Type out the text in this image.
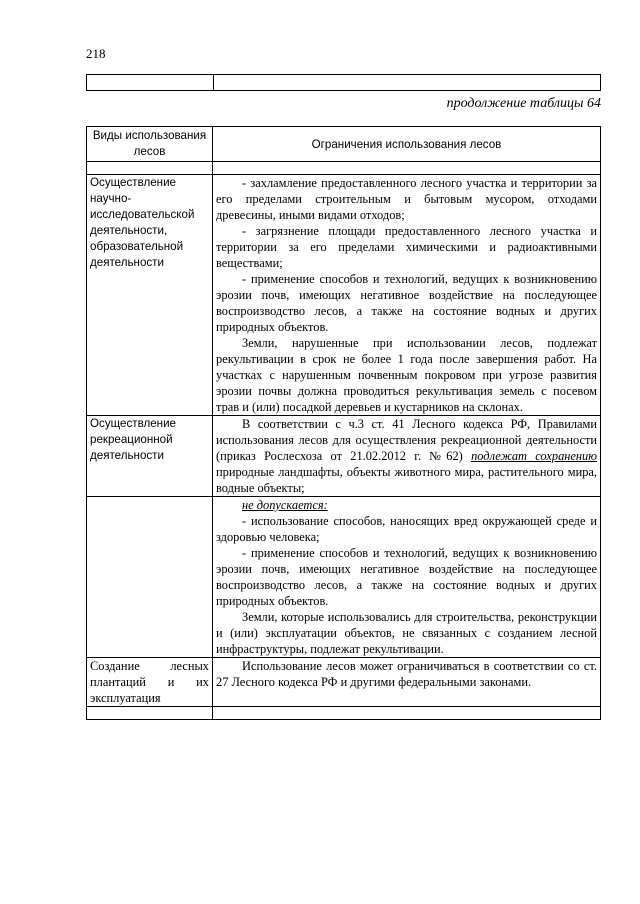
218

продолжение таблицы 64
Виды использования лесов	Ограничения использования лесов

Осуществление научно-исследовательской деятельности, образовательной деятельности	- захламление предоставленного лесного участка и территории за его пределами строительным и бытовым мусором, отходами древесины, иными видами отходов;

- загрязнение площади предоставленного лесного участка и территории за его пределами химическими и радиоактивными веществами;

- применение способов и технологий, ведущих к возникновению эрозии почв, имеющих негативное воздействие на последующее воспроизводство лесов, а также на состояние водных и других природных объектов.

Земли, нарушенные при использовании лесов, подлежат рекультивации в срок не более 1 года после завершения работ. На участках с нарушенным почвенным покровом при угрозе развития эрозии почвы должна проводиться рекультивация земель с посевом трав и (или) посадкой деревьев и кустарников на склонах.

Осуществление рекреационной деятельности	В соответствии с ч.3 ст. 41 Лесного кодекса РФ, Правилами использования лесов для осуществления рекреационной деятельности (приказ Рослесхоза от 21.02.2012 г. №62) подлежат сохранению природные ландшафты, объекты животного мира, растительного мира, водные объекты;

	не допускается:

- использование способов, наносящих вред окружающей среде и здоровью человека;

- применение способов и технологий, ведущих к возникновению эрозии почв, имеющих негативное воздействие на последующее воспроизводство лесов, а также на состояние водных и других природных объектов.

Земли, которые использовались для строительства, реконструкции и (или) эксплуатации объектов, не связанных с созданием лесной инфраструктуры, подлежат рекультивации.

Создание лесных плантаций и их эксплуатация	Использование лесов может ограничиваться в соответствии со ст. 27 Лесного кодекса РФ и другими федеральными законами.
